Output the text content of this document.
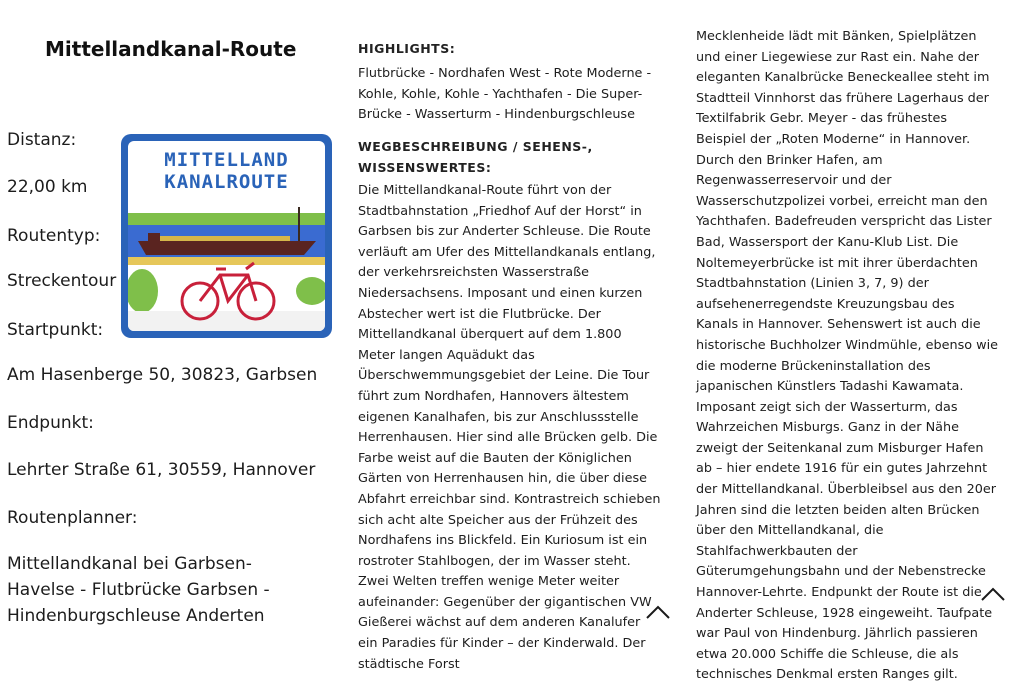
Mittellandkanal-Route
Distanz:
22,00 km
Routentyp:
Streckentour
Startpunkt:
Am Hasenberge 50, 30823, Garbsen
Endpunkt:
Lehrter Straße 61, 30559, Hannover
Routenplanner:
Mittellandkanal bei Garbsen-Havelse - Flutbrücke Garbsen - Hindenburgschleuse Anderten
MITTELLAND
KANALROUTE
HIGHLIGHTS:
Flutbrücke - Nordhafen West - Rote Moderne - Kohle, Kohle, Kohle - Yachthafen - Die Super-Brücke - Wasserturm - Hindenburgschleuse
WEGBESCHREIBUNG / SEHENS-, WISSENSWERTES:
Die Mittellandkanal-Route führt von der Stadtbahnstation „Friedhof Auf der Horst“ in Garbsen bis zur Anderter Schleuse. Die Route verläuft am Ufer des Mittellandkanals entlang, der verkehrsreichsten Wasserstraße Niedersachsens. Imposant und einen kurzen Abstecher wert ist die Flutbrücke. Der Mittellandkanal überquert auf dem 1.800 Meter langen Aquädukt das Überschwemmungsgebiet der Leine. Die Tour führt zum Nordhafen, Hannovers ältestem eigenen Kanalhafen, bis zur Anschlussstelle Herrenhausen. Hier sind alle Brücken gelb. Die Farbe weist auf die Bauten der Königlichen Gärten von Herrenhausen hin, die über diese Abfahrt erreichbar sind. Kontrastreich schieben sich acht alte Speicher aus der Frühzeit des Nordhafens ins Blickfeld. Ein Kuriosum ist ein rostroter Stahlbogen, der im Wasser steht. Zwei Welten treffen wenige Meter weiter aufeinander: Gegenüber der gigantischen VW Gießerei wächst auf dem anderen Kanalufer ein Paradies für Kinder – der Kinderwald. Der städtische Forst
Mecklenheide lädt mit Bänken, Spielplätzen und einer Liegewiese zur Rast ein. Nahe der eleganten Kanalbrücke Beneckeallee steht im Stadtteil Vinnhorst das frühere Lagerhaus der Textilfabrik Gebr. Meyer - das frühestes Beispiel der „Roten Moderne“ in Hannover. Durch den Brinker Hafen, am Regenwasserreservoir und der Wasserschutzpolizei vorbei, erreicht man den Yachthafen. Badefreuden verspricht das Lister Bad, Wassersport der Kanu-Klub List. Die Noltemeyerbrücke ist mit ihrer überdachten Stadtbahnstation (Linien 3, 7, 9) der aufsehenerregendste Kreuzungsbau des Kanals in Hannover. Sehenswert ist auch die historische Buchholzer Windmühle, ebenso wie die moderne Brückeninstallation des japanischen Künstlers Tadashi Kawamata. Imposant zeigt sich der Wasserturm, das Wahrzeichen Misburgs. Ganz in der Nähe zweigt der Seitenkanal zum Misburger Hafen ab – hier endete 1916 für ein gutes Jahrzehnt der Mittellandkanal. Überbleibsel aus den 20er Jahren sind die letzten beiden alten Brücken über den Mittellandkanal, die Stahlfachwerkbauten der Güterumgehungsbahn und der Nebenstrecke Hannover-Lehrte. Endpunkt der Route ist die Anderter Schleuse, 1928 eingeweiht. Taufpate war Paul von Hindenburg. Jährlich passieren etwa 20.000 Schiffe die Schleuse, die als technisches Denkmal ersten Ranges gilt.
